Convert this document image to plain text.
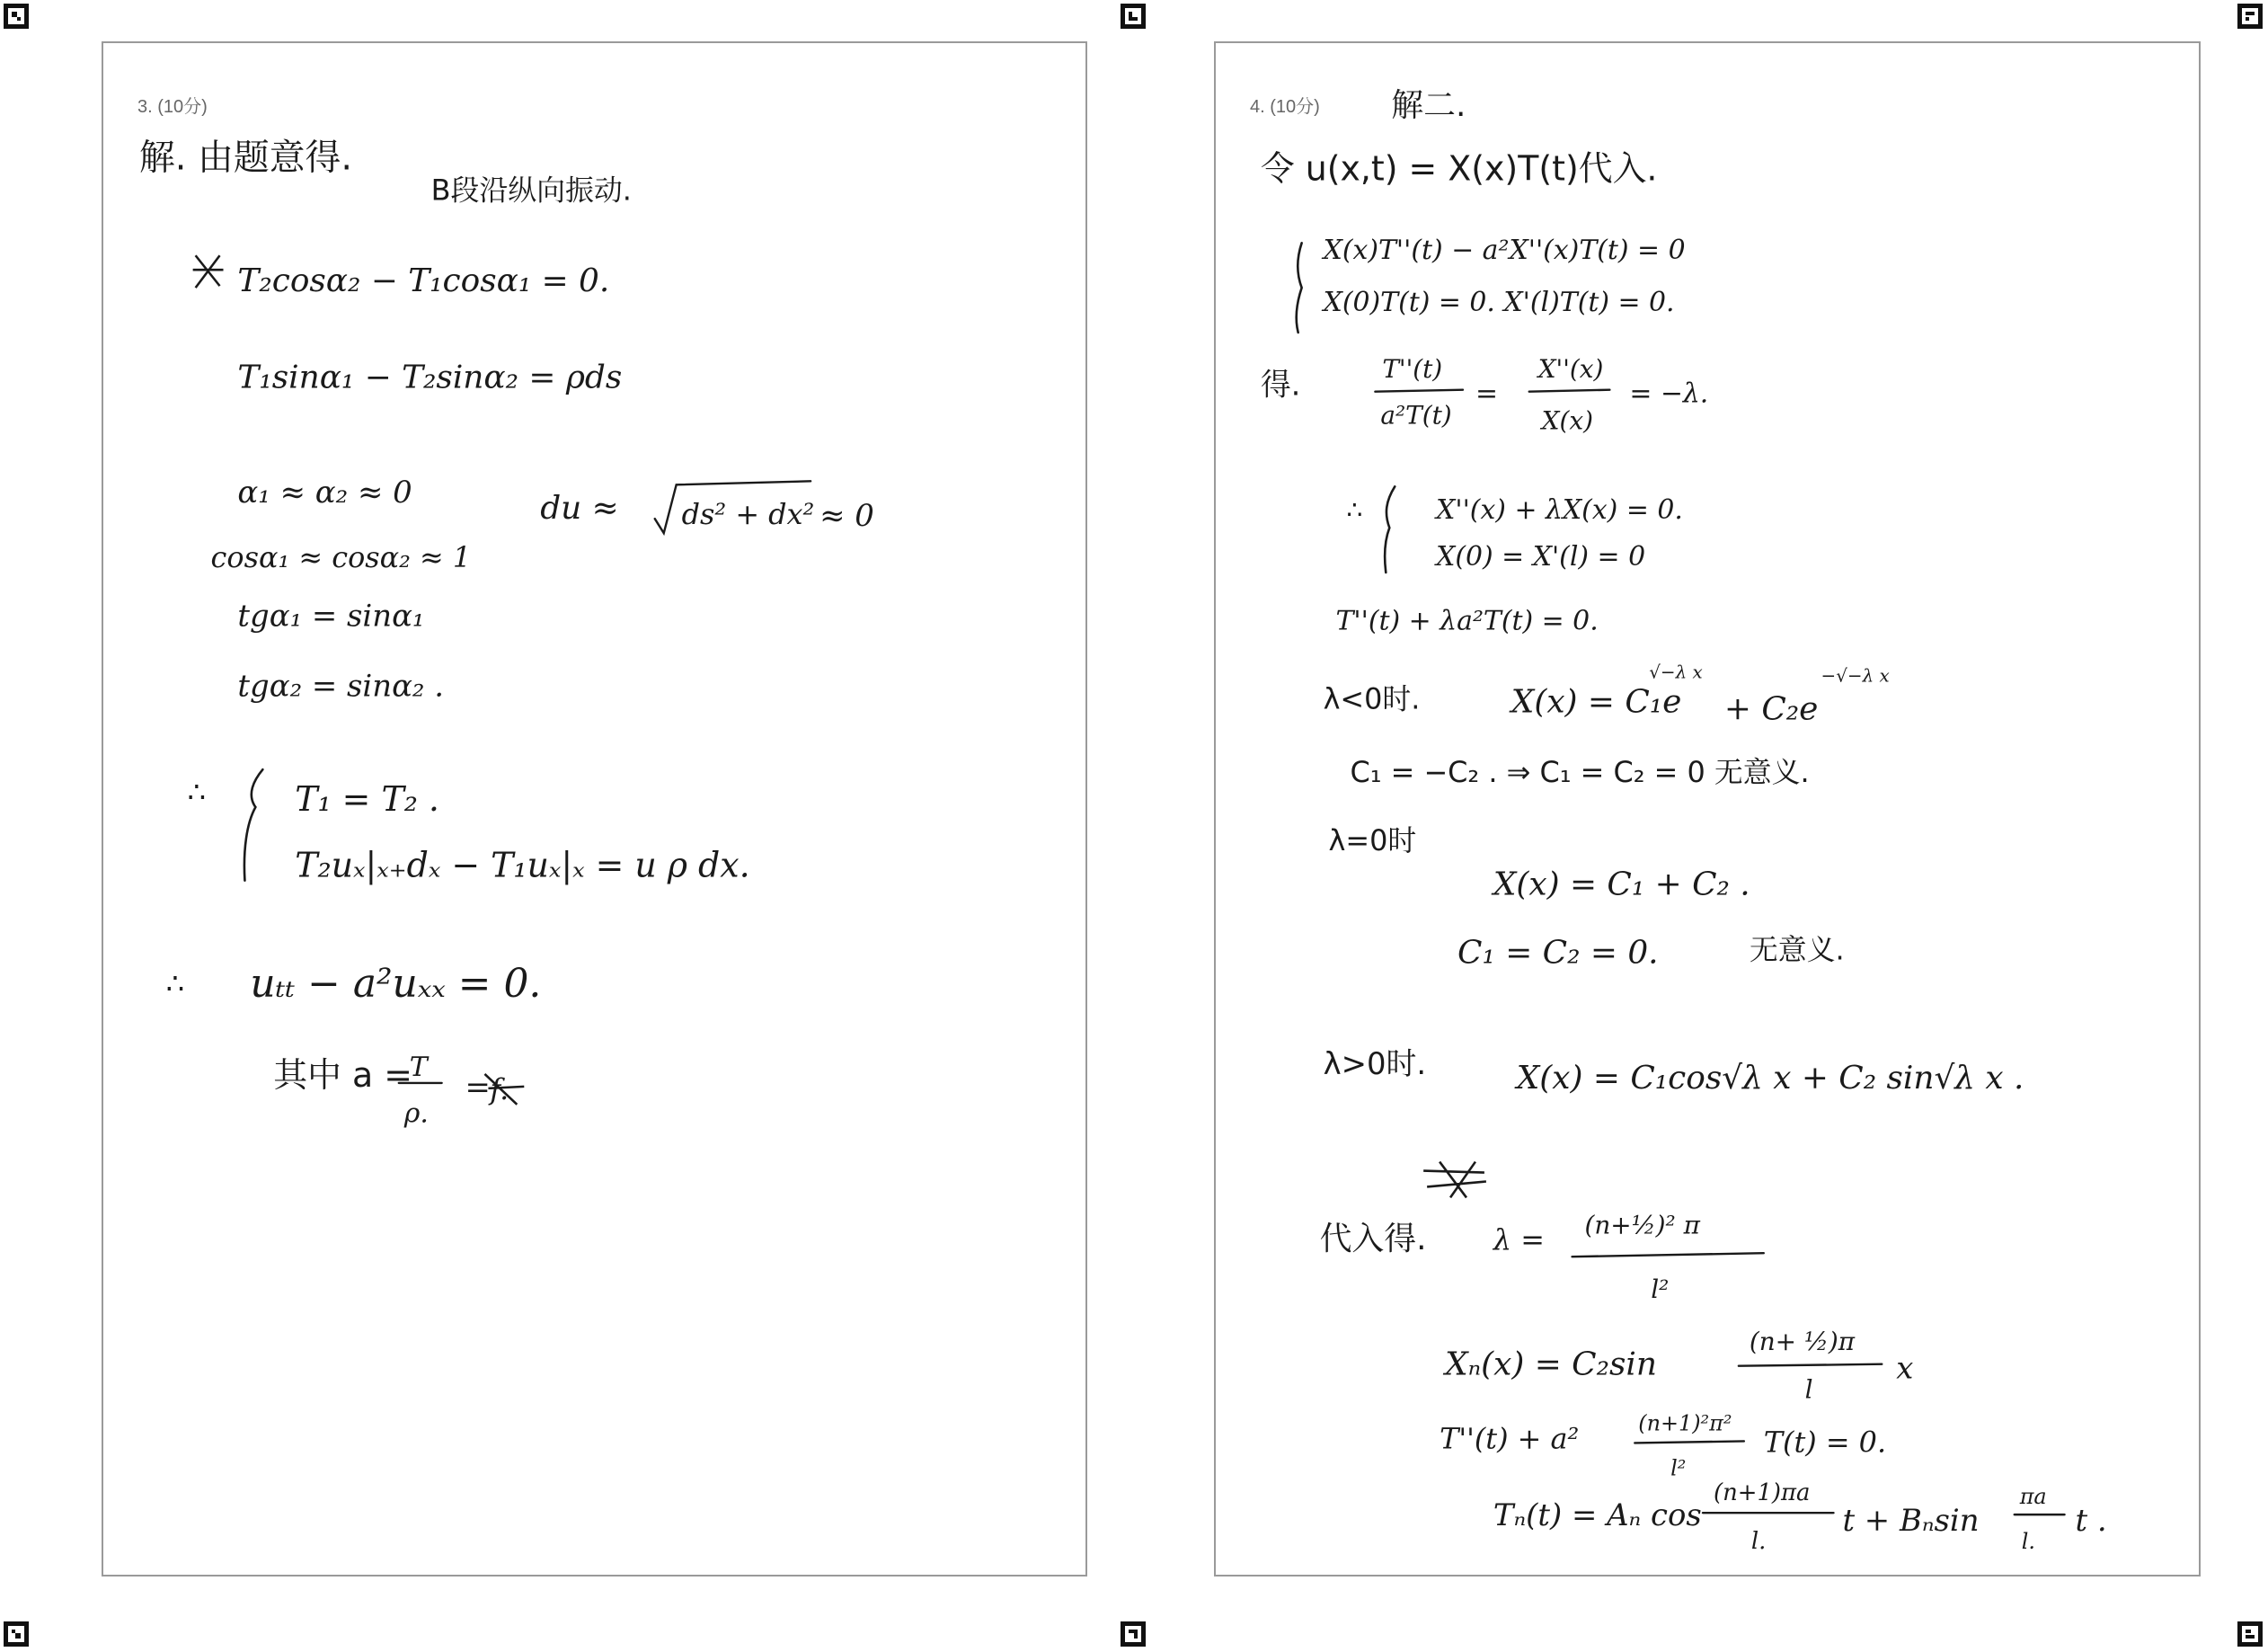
3. (10分)
解. 由题意得.
B段沿纵向振动.
T₂cosα₂ − T₁cosα₁ = 0.
T₁sinα₁ − T₂sinα₂ = ρds
α₁ ≈ α₂ ≈ 0	du ≈ ds² + dx² ≈ 0
cosα₁ ≈ cosα₂ ≈ 1
tgα₁ = sinα₁
tgα₂ = sinα₂ .
∴	T₁ = T₂ .
T₂uₓ|ₓ₊dₓ − T₁uₓ|ₓ = u ρ dx.
∴ uₜₜ − a²uₓₓ = 0.
其中 a =
T
ρ.
= f.
4. (10分) 解二.
令 u(x,t) = X(x)T(t)代入.
X(x)T''(t) − a²X''(x)T(t) = 0
X(0)T(t) = 0. X'(l)T(t) = 0.
得.	T''(t)
a²T(t)
=
X''(x)
X(x)
= −λ.
∴	X''(x) + λX(x) = 0.
X(0) = X'(l) = 0
T''(t) + λa²T(t) = 0.
λ<0时.	X(x) = C₁e
√−λ x
+ C₂e
−√−λ x
C₁ = −C₂ . ⇒ C₁ = C₂ = 0 无意义.
λ=0时
X(x) = C₁ + C₂ .
C₁ = C₂ = 0.	无意义.
λ>0时.	X(x) = C₁cos√λ x + C₂ sin√λ x .
代入得. λ = (n+½)² π
l²
Xₙ(x) = C₂sin
(n+ ½)π
l
x
T''(t) + a²	(n+1)²π²
l²
T(t) = 0.
Tₙ(t) = Aₙ cos
(n+1)πa
l.
t + Bₙsin
πa
l.
t .
